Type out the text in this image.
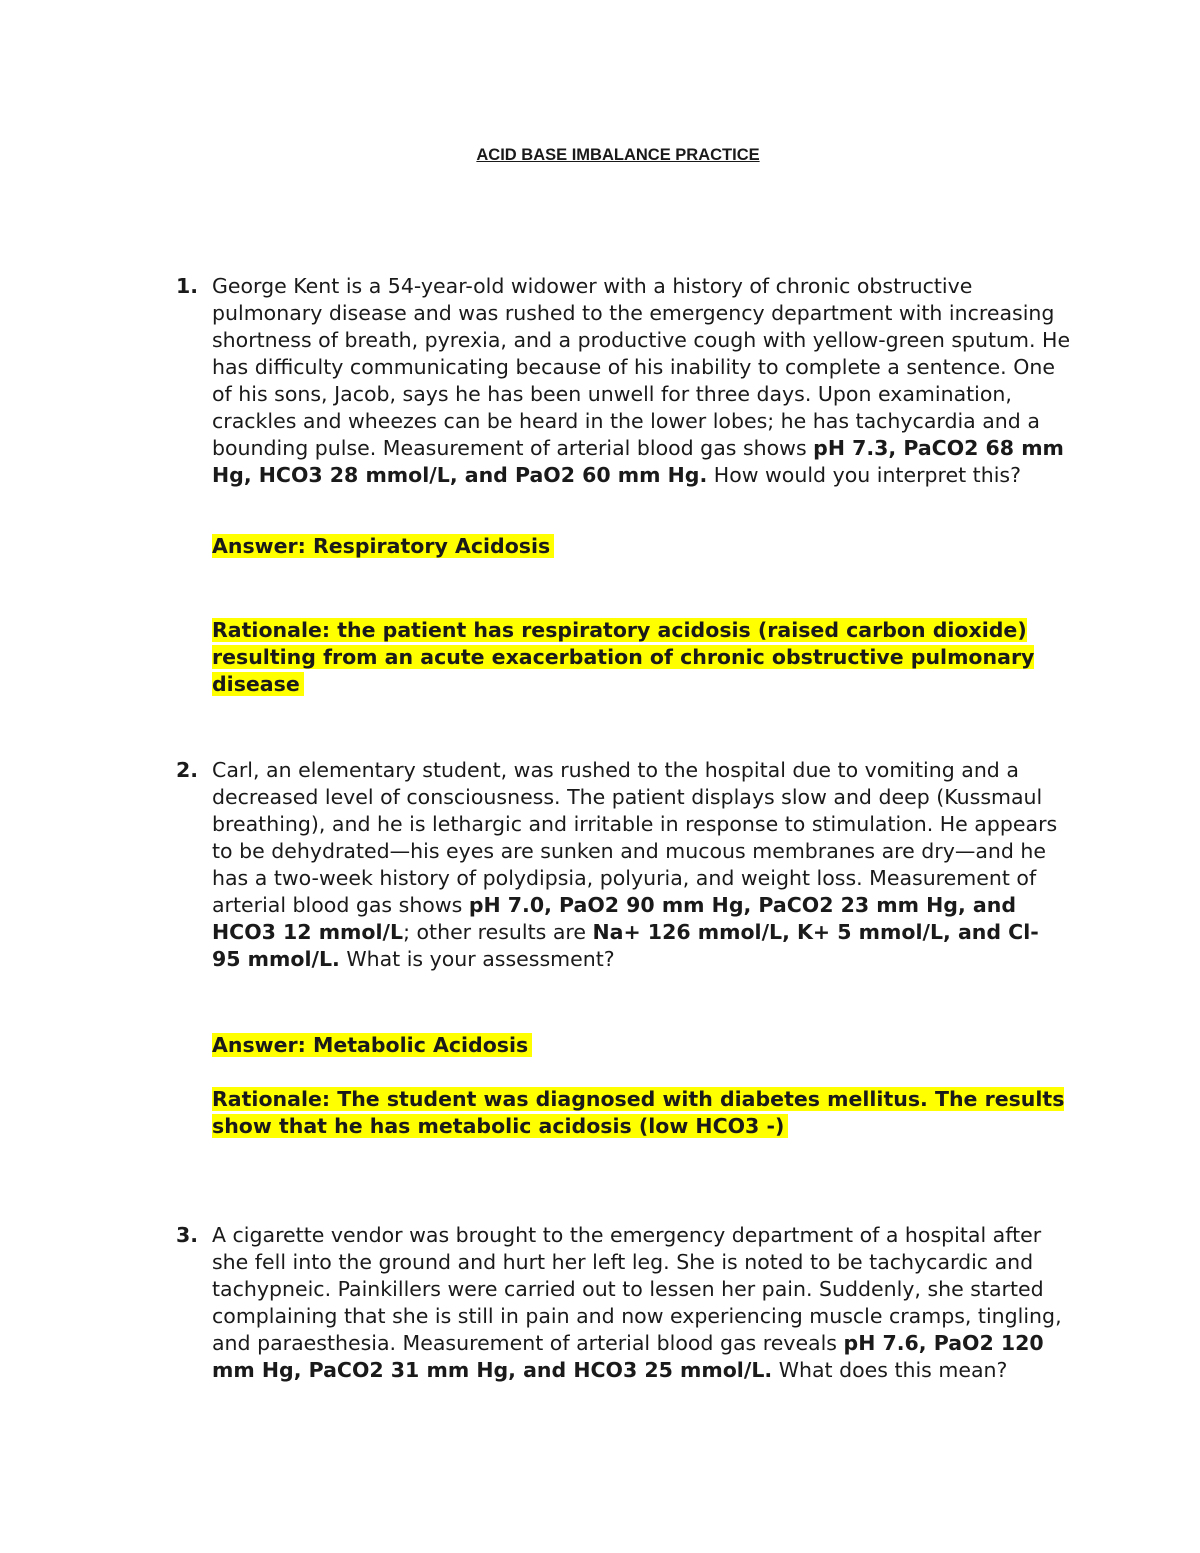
ACID BASE IMBALANCE PRACTICE
1. George Kent is a 54-year-old widower with a history of chronic obstructive pulmonary disease and was rushed to the emergency department with increasing shortness of breath, pyrexia, and a productive cough with yellow-green sputum. He has difficulty communicating because of his inability to complete a sentence. One of his sons, Jacob, says he has been unwell for three days. Upon examination, crackles and wheezes can be heard in the lower lobes; he has tachycardia and a bounding pulse. Measurement of arterial blood gas shows pH 7.3, PaCO2 68 mm Hg, HCO3 28 mmol/L, and PaO2 60 mm Hg. How would you interpret this?

Answer: Respiratory Acidosis

Rationale: the patient has respiratory acidosis (raised carbon dioxide) resulting from an acute exacerbation of chronic obstructive pulmonary disease

2. Carl, an elementary student, was rushed to the hospital due to vomiting and a decreased level of consciousness. The patient displays slow and deep (Kussmaul breathing), and he is lethargic and irritable in response to stimulation. He appears to be dehydrated—his eyes are sunken and mucous membranes are dry—and he has a two-week history of polydipsia, polyuria, and weight loss. Measurement of arterial blood gas shows pH 7.0, PaO2 90 mm Hg, PaCO2 23 mm Hg, and HCO3 12 mmol/L; other results are Na+ 126 mmol/L, K+ 5 mmol/L, and Cl- 95 mmol/L. What is your assessment?

Answer: Metabolic Acidosis

Rationale: The student was diagnosed with diabetes mellitus. The results show that he has metabolic acidosis (low HCO3 -)

3. A cigarette vendor was brought to the emergency department of a hospital after she fell into the ground and hurt her left leg. She is noted to be tachycardic and tachypneic. Painkillers were carried out to lessen her pain. Suddenly, she started complaining that she is still in pain and now experiencing muscle cramps, tingling, and paraesthesia. Measurement of arterial blood gas reveals pH 7.6, PaO2 120 mm Hg, PaCO2 31 mm Hg, and HCO3 25 mmol/L. What does this mean?
